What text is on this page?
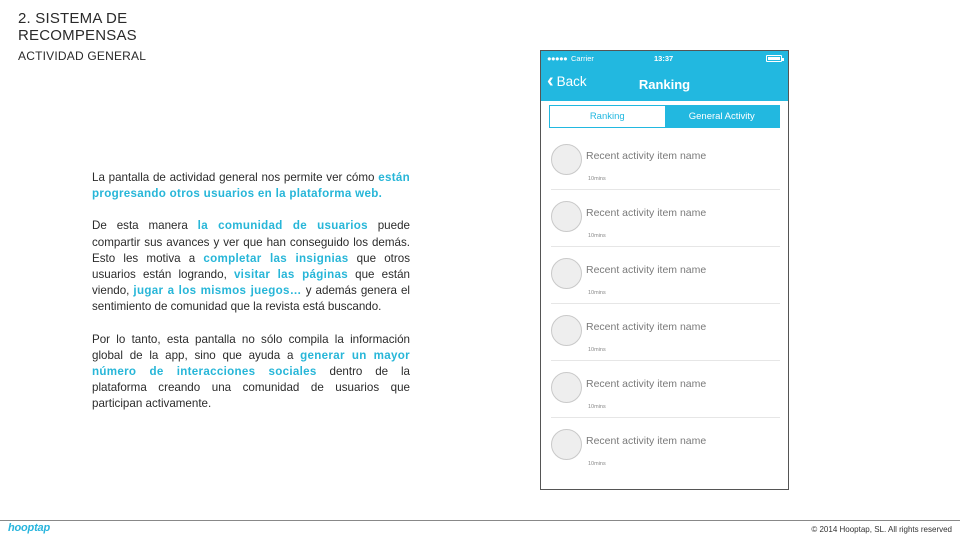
2. SISTEMA DE RECOMPENSAS
ACTIVIDAD GENERAL

La pantalla de actividad general nos permite ver cómo están progresando otros usuarios en la plataforma web.

De esta manera la comunidad de usuarios puede compartir sus avances y ver que han conseguido los demás. Esto les motiva a completar las insignias que otros usuarios están logrando, visitar las páginas que están viendo, jugar a los mismos juegos… y además genera el sentimiento de comunidad que la revista está buscando.

Por lo tanto, esta pantalla no sólo compila la información global de la app, sino que ayuda a generar un mayor número de interacciones sociales dentro de la plataforma creando una comunidad de usuarios que participan activamente.

●●●●● Carrier	13:37
‹ Back	Ranking
Ranking	General Activity
Recent activity item name
10mins
Recent activity item name
10mins
Recent activity item name
10mins
Recent activity item name
10mins
Recent activity item name
10mins
Recent activity item name
10mins
hooptap	© 2014 Hooptap, SL. All rights reserved
